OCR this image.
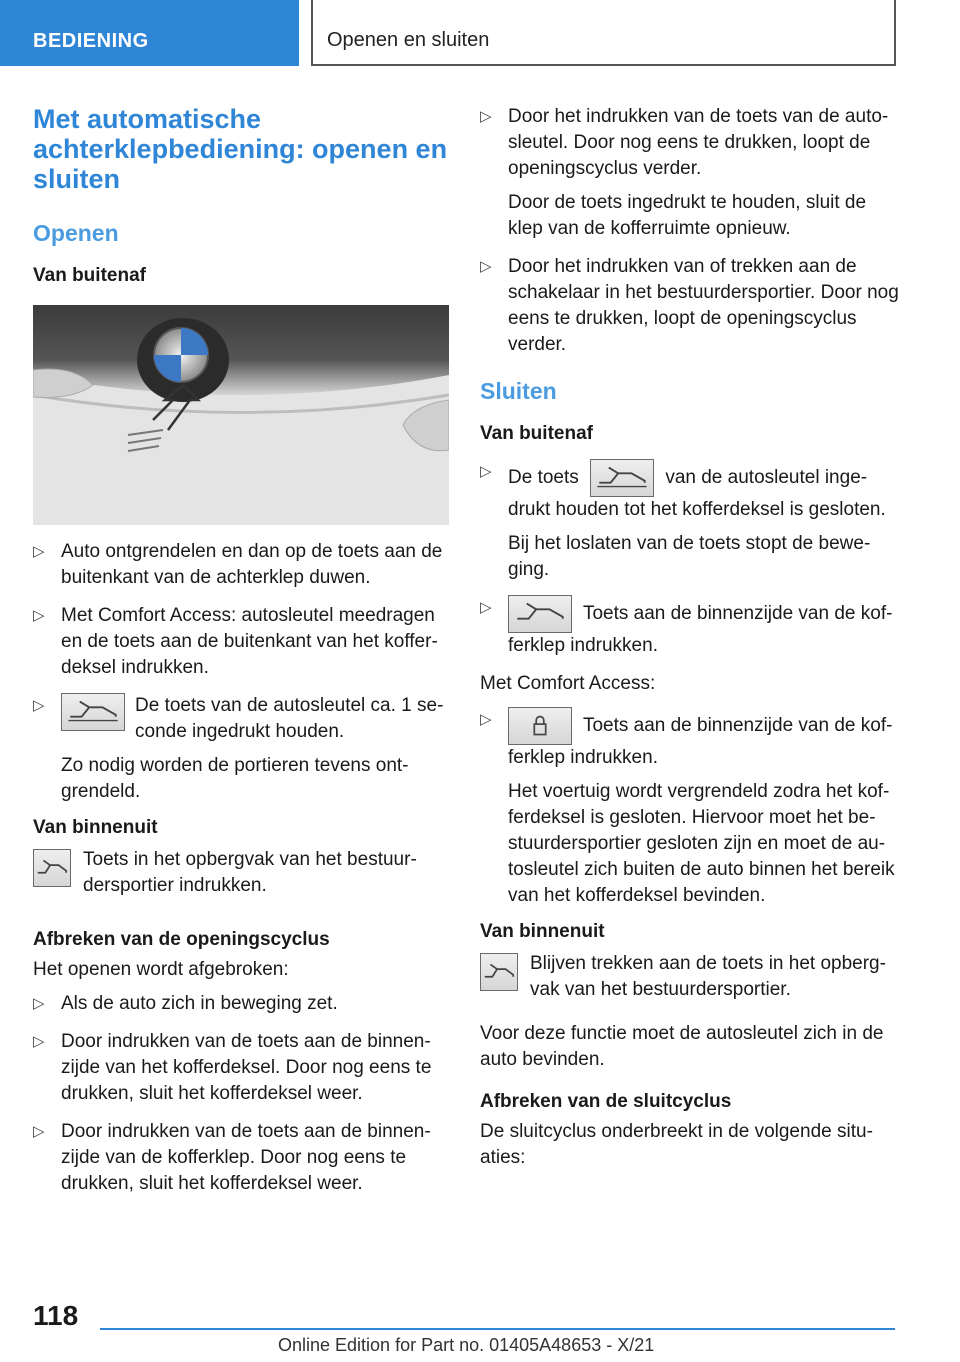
BEDIENING	Openen en sluiten
Met automatische achterklepbediening: openen en sluiten
Openen
Van buitenaf
▷ Auto ontgrendelen en dan op de toets aan de buitenkant van de achterklep duwen.
▷ Met Comfort Access: autosleutel meedragen en de toets aan de buitenkant van het kofferdeksel indrukken.
▷ De toets van de autosleutel ca. 1 seconde ingedrukt houden.

Zo nodig worden de portieren tevens ontgrendeld.

Van binnenuit

Toets in het opbergvak van het bestuurdersportier indrukken.

Afbreken van de openingscyclus

Het openen wordt afgebroken:

▷ Als de auto zich in beweging zet.
▷ Door indrukken van de toets aan de binnenzijde van het kofferdeksel. Door nog eens te drukken, sluit het kofferdeksel weer.
▷ Door indrukken van de toets aan de binnenzijde van de kofferklep. Door nog eens te drukken, sluit het kofferdeksel weer.
▷ Door het indrukken van de toets van de autosleutel. Door nog eens te drukken, loopt de openingscyclus verder.

Door de toets ingedrukt te houden, sluit de klep van de kofferruimte opnieuw.

▷ Door het indrukken van of trekken aan de schakelaar in het bestuurdersportier. Door nog eens te drukken, loopt de openingscyclus verder.
Sluiten
Van buitenaf
▷ De toets	van de autosleutel ingedrukt houden tot het kofferdeksel is gesloten.

Bij het loslaten van de toets stopt de beweging.

▷ Toets aan de binnenzijde van de kofferklep indrukken.

Met Comfort Access:

▷ Toets aan de binnenzijde van de kofferklep indrukken.

Het voertuig wordt vergrendeld zodra het kofferdeksel is gesloten. Hiervoor moet het bestuurdersportier gesloten zijn en moet de autosleutel zich buiten de auto binnen het bereik van het kofferdeksel bevinden.

Van binnenuit

Blijven trekken aan de toets in het opbergvak van het bestuurdersportier.

Voor deze functie moet de autosleutel zich in de auto bevinden.

Afbreken van de sluitcyclus

De sluitcyclus onderbreekt in de volgende situaties:

118
Online Edition for Part no. 01405A48653 - X/21
